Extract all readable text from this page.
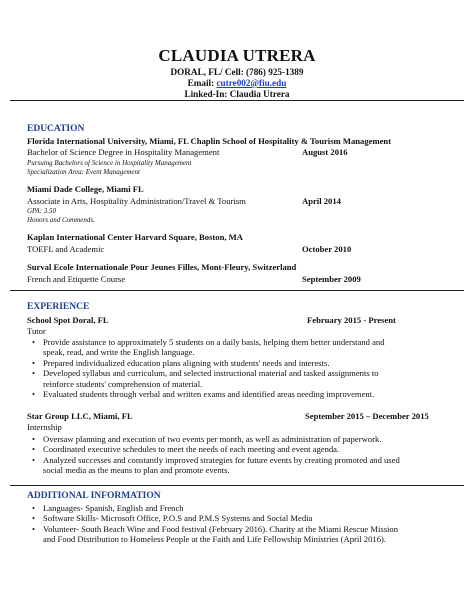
CLAUDIA UTRERA
DORAL, FL/ Cell: (786) 925-1389
Email: cutre002@fiu.edu
Linked-In: Claudia Utrera
EDUCATION
Florida International University, Miami, FL Chaplin School of Hospitality & Tourism Management
Bachelor of Science Degree in Hospitality Management	August 2016
Pursuing Bachelors of Science in Hospitality Management
Specialization Area: Event Management
Miami Dade College, Miami FL
Associate in Arts, Hospitality Administration/Travel & Tourism	April 2014
GPA: 3.50
Honors and Commends.
Kaplan International Center Harvard Square, Boston, MA
TOEFL and Academic	October 2010
Surval Ecole Internationale Pour Jeunes Filles, Mont-Fleury, Switzerland
French and Etiquette Course	September 2009
EXPERIENCE
School Spot Doral, FL	February 2015 - Present
Tutor
• Provide assistance to approximately 5 students on a daily basis, helping them better understand and
speak, read, and write the English language.
• Prepared individualized education plans aligning with students' needs and interests.
• Developed syllabus and curriculum, and selected instructional material and tasked assignments to
reinforce students' comprehension of material.
• Evaluated students through verbal and written exams and identified areas needing improvement.
Star Group LLC, Miami, FL	September 2015 – December 2015
Internship
• Oversaw planning and execution of two events per month, as well as administration of paperwork.
• Coordinated executive schedules to meet the needs of each meeting and event agenda.
• Analyzed successes and constantly improved strategies for future events by creating promoted and used
social media as the means to plan and promote events.
ADDITIONAL INFORMATION
• Languages- Spanish, English and French
• Software Skills- Microsoft Office, P.O.S and P.M.S Systems and Social Media
• Volunteer- South Beach Wine and Food festival (February 2016). Charity at the Miami Rescue Mission
and Food Distribution to Homeless People at the Faith and Life Fellowship Ministries (April 2016).
